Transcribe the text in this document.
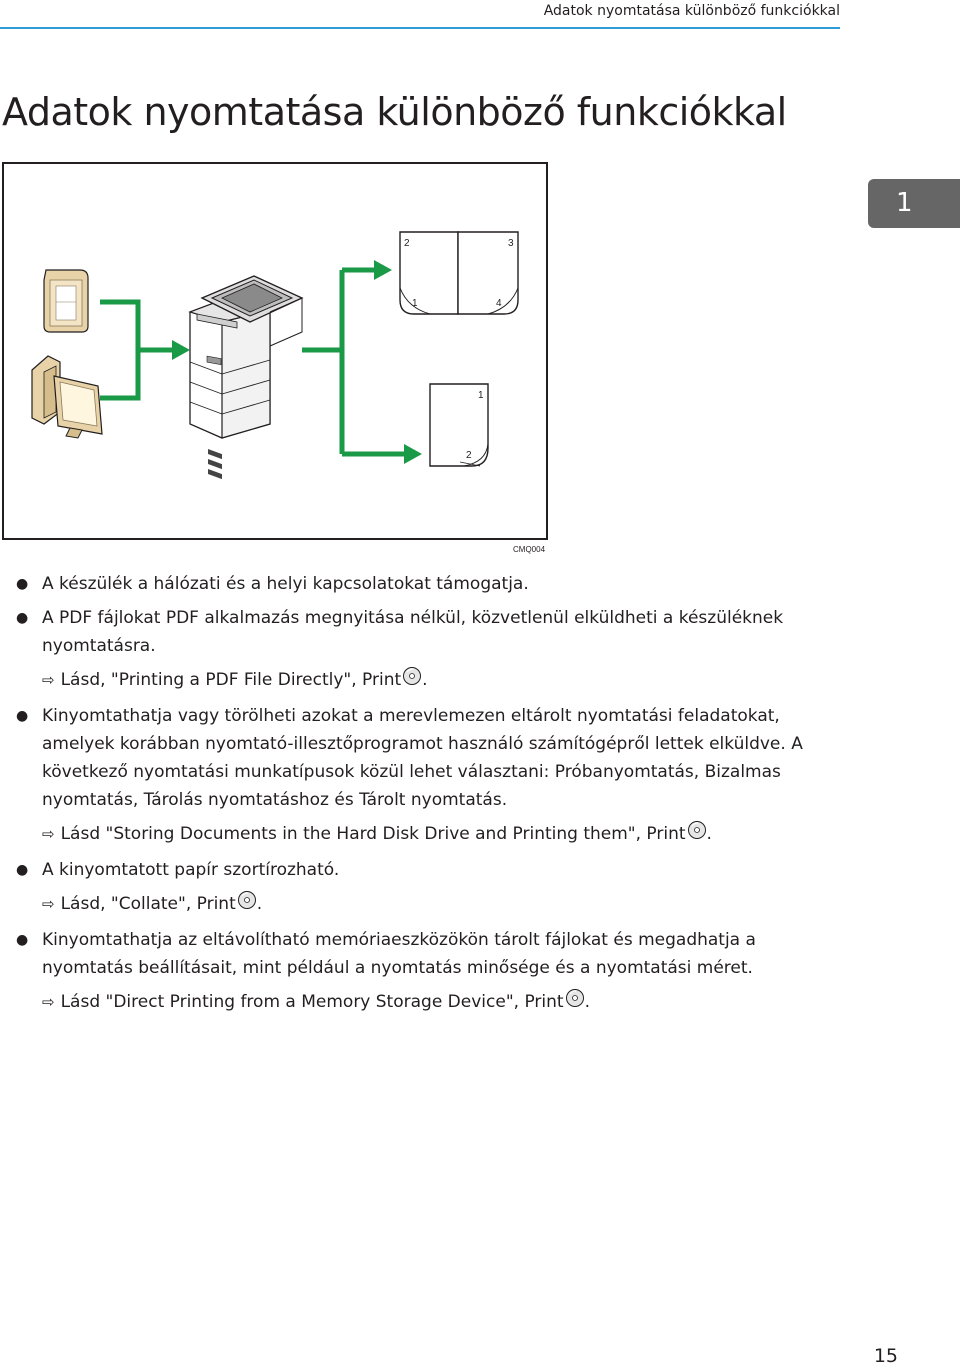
Adatok nyomtatása különböző funkciókkal
Adatok nyomtatása különböző funkciókkal
1
2	3
1	4
1
2
CMQ004

● A készülék a hálózati és a helyi kapcsolatokat támogatja.

● A PDF fájlokat PDF alkalmazás megnyitása nélkül, közvetlenül elküldheti a készüléknek nyomtatásra.

⇨ Lásd, "Printing a PDF File Directly", Print .

● Kinyomtathatja vagy törölheti azokat a merevlemezen eltárolt nyomtatási feladatokat, amelyek korábban nyomtató-illesztőprogramot használó számítógépről lettek elküldve. A következő nyomtatási munkatípusok közül lehet választani: Próbanyomtatás, Bizalmas nyomtatás, Tárolás nyomtatáshoz és Tárolt nyomtatás.

⇨ Lásd "Storing Documents in the Hard Disk Drive and Printing them", Print .

● A kinyomtatott papír szortírozható.

⇨ Lásd, "Collate", Print .

● Kinyomtathatja az eltávolítható memóriaeszközökön tárolt fájlokat és megadhatja a nyomtatás beállításait, mint például a nyomtatás minősége és a nyomtatási méret.

⇨ Lásd "Direct Printing from a Memory Storage Device", Print .

15
